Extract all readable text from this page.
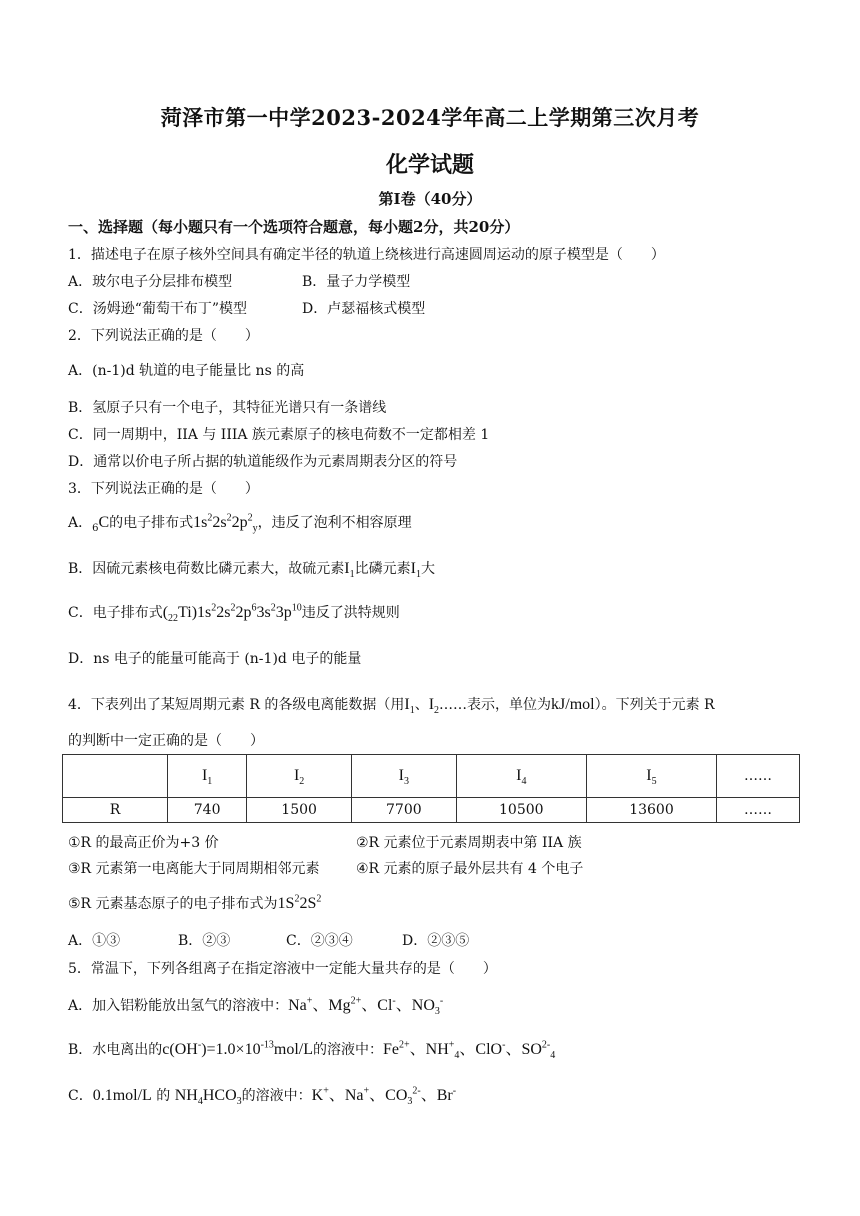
菏泽市第一中学2023-2024学年高二上学期第三次月考
化学试题
第I卷（40分）
一、选择题（每小题只有一个选项符合题意，每小题2分，共20分）
1．描述电子在原子核外空间具有确定半径的轨道上绕核进行高速圆周运动的原子模型是（　　）
A．玻尔电子分层排布模型	B．量子力学模型
C．汤姆逊“葡萄干布丁”模型	D．卢瑟福核式模型
2．下列说法正确的是（　　）
A．(n-1)d 轨道的电子能量比 ns 的高
B．氢原子只有一个电子，其特征光谱只有一条谱线
C．同一周期中，IIA 与 IIIA 族元素原子的核电荷数不一定都相差 1
D．通常以价电子所占据的轨道能级作为元素周期表分区的符号
3．下列说法正确的是（　　）
A．$_6$C的电子排布式$1s^22s^22p^2_y$，违反了泡利不相容原理
B．因硫元素核电荷数比磷元素大，故硫元素$I_1$比磷元素$I_1$大
C．电子排布式$(_{22}Ti)1s^22s^22p^63s^23p^{10}$违反了洪特规则
D．ns 电子的能量可能高于 (n-1)d 电子的能量
4．下表列出了某短周期元素 R 的各级电离能数据（用$I_1$、$I_2\dots\dots$表示，单位为kJ/mol）。下列关于元素 R
的判断中一定正确的是（　　）
	$I_1$	$I_2$	$I_3$	$I_4$	$I_5$	……
R	740	1500	7700	10500	13600	……
①R 的最高正价为+3 价	②R 元素位于元素周期表中第 IIA 族
③R 元素第一电离能大于同周期相邻元素	④R 元素的原子最外层共有 4 个电子
⑤R 元素基态原子的电子排布式为$1S^22S^2$
A．①③	B．②③	C．②③④	D．②③⑤
5．常温下，下列各组离子在指定溶液中一定能大量共存的是（　　）
A．加入铝粉能放出氢气的溶液中：Na+、$Mg^{2+}$、Cl-、$NO_3^-$
B．水电离出的$c(OH^-)=1.0\times 10^{-13}mol/L$的溶液中：$Fe^{2+}$、$NH^+_4$、ClO-、$SO^{2-}_4$
C．0.1mol/L 的 $NH_4HCO_3$的溶液中：K+、Na+、$CO_3^{2-}$、Br-
